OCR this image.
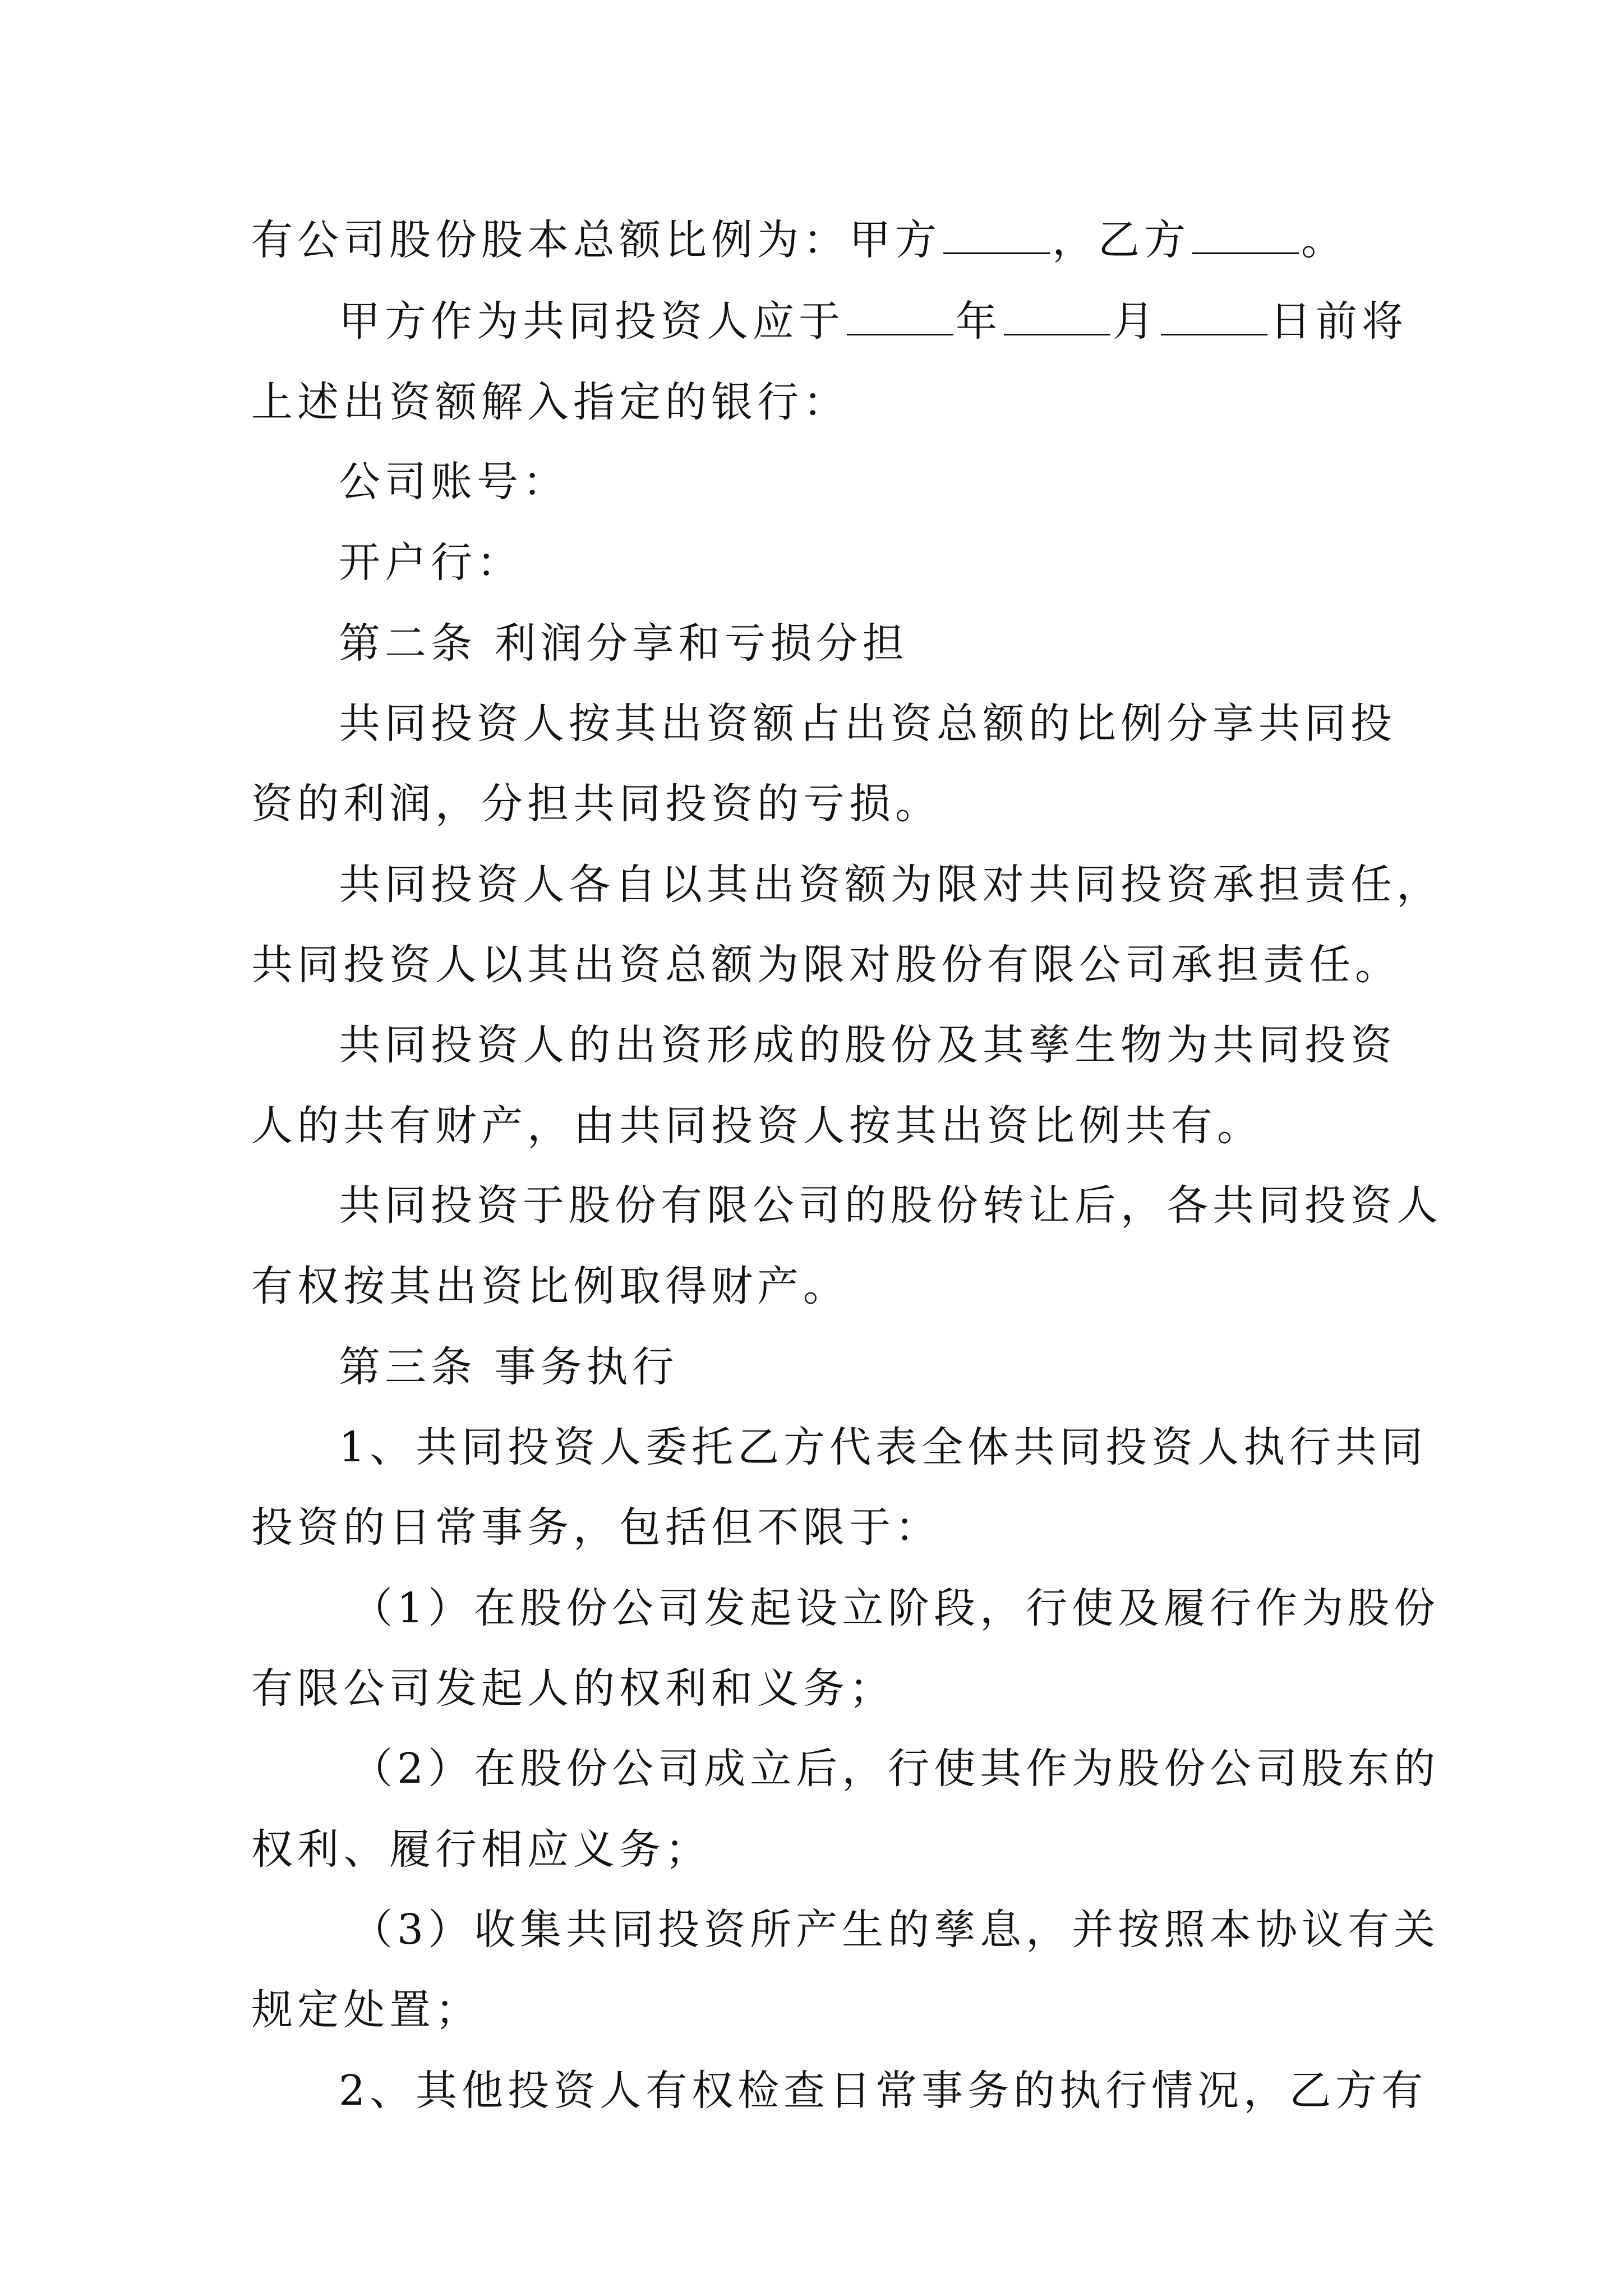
有公司股份股本总额比例为：甲方	，乙方	。
甲方作为共同投资人应于	年	月	日前将
上述出资额解入指定的银行：
公司账号：
开户行：
第二条 利润分享和亏损分担
共同投资人按其出资额占出资总额的比例分享共同投
资的利润，分担共同投资的亏损。
共同投资人各自以其出资额为限对共同投资承担责任，
共同投资人以其出资总额为限对股份有限公司承担责任。
共同投资人的出资形成的股份及其孳生物为共同投资
人的共有财产，由共同投资人按其出资比例共有。
共同投资于股份有限公司的股份转让后，各共同投资人
有权按其出资比例取得财产。
第三条 事务执行
1、共同投资人委托乙方代表全体共同投资人执行共同
投资的日常事务，包括但不限于：
（1）在股份公司发起设立阶段，行使及履行作为股份
有限公司发起人的权利和义务；
（2）在股份公司成立后，行使其作为股份公司股东的
权利、履行相应义务；
（3）收集共同投资所产生的孳息，并按照本协议有关
规定处置；
2、其他投资人有权检查日常事务的执行情况，乙方有
